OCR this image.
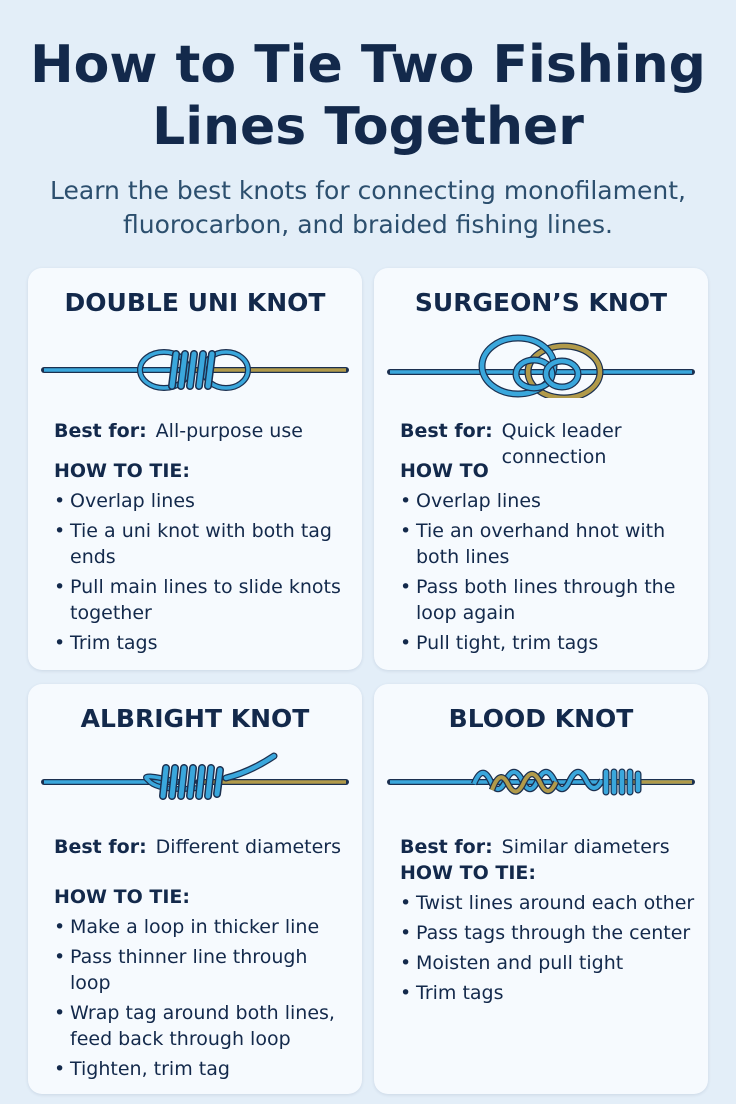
How to Tie Two Fishing Lines Together

Learn the best knots for connecting monofilament, fluorocarbon, and braided fishing lines.

DOUBLE UNI KNOT
Best for: All-purpose use
HOW TO TIE:
• Overlap lines
• Tie a uni knot with both tag ends
• Pull main lines to slide knots together
• Trim tags
SURGEON’S KNOT
Best for: Quick leader connection
HOW TO
• Overlap lines
• Tie an overhand hnot with both lines
• Pass both lines through the loop again
• Pull tight, trim tags
ALBRIGHT KNOT
Best for: Different diameters
HOW TO TIE:
• Make a loop in thicker line
• Pass thinner line through loop
• Wrap tag around both lines, feed back through loop
• Tighten, trim tag
BLOOD KNOT
Best for: Similar diameters
HOW TO TIE:
• Twist lines around each other
• Pass tags through the center
• Moisten and pull tight
• Trim tags
